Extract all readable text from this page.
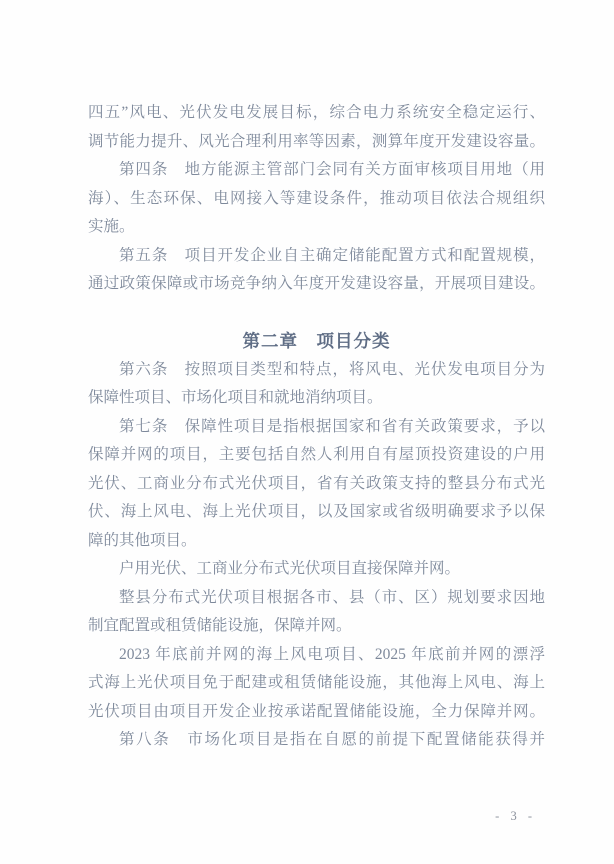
四五”风电、光伏发电发展目标，综合电力系统安全稳定运行、
调节能力提升、风光合理利用率等因素，测算年度开发建设容量。
第四条　地方能源主管部门会同有关方面审核项目用地（用
海）、生态环保、电网接入等建设条件，推动项目依法合规组织
实施。
第五条　项目开发企业自主确定储能配置方式和配置规模，
通过政策保障或市场竞争纳入年度开发建设容量，开展项目建设。
第二章　项目分类
第六条　按照项目类型和特点，将风电、光伏发电项目分为
保障性项目、市场化项目和就地消纳项目。
第七条　保障性项目是指根据国家和省有关政策要求，予以
保障并网的项目，主要包括自然人利用自有屋顶投资建设的户用
光伏、工商业分布式光伏项目，省有关政策支持的整县分布式光
伏、海上风电、海上光伏项目，以及国家或省级明确要求予以保
障的其他项目。
户用光伏、工商业分布式光伏项目直接保障并网。
整县分布式光伏项目根据各市、县（市、区）规划要求因地
制宜配置或租赁储能设施，保障并网。
2023 年底前并网的海上风电项目、2025 年底前并网的漂浮
式海上光伏项目免于配建或租赁储能设施，其他海上风电、海上
光伏项目由项目开发企业按承诺配置储能设施，全力保障并网。
第八条　市场化项目是指在自愿的前提下配置储能获得并
- 3 -
